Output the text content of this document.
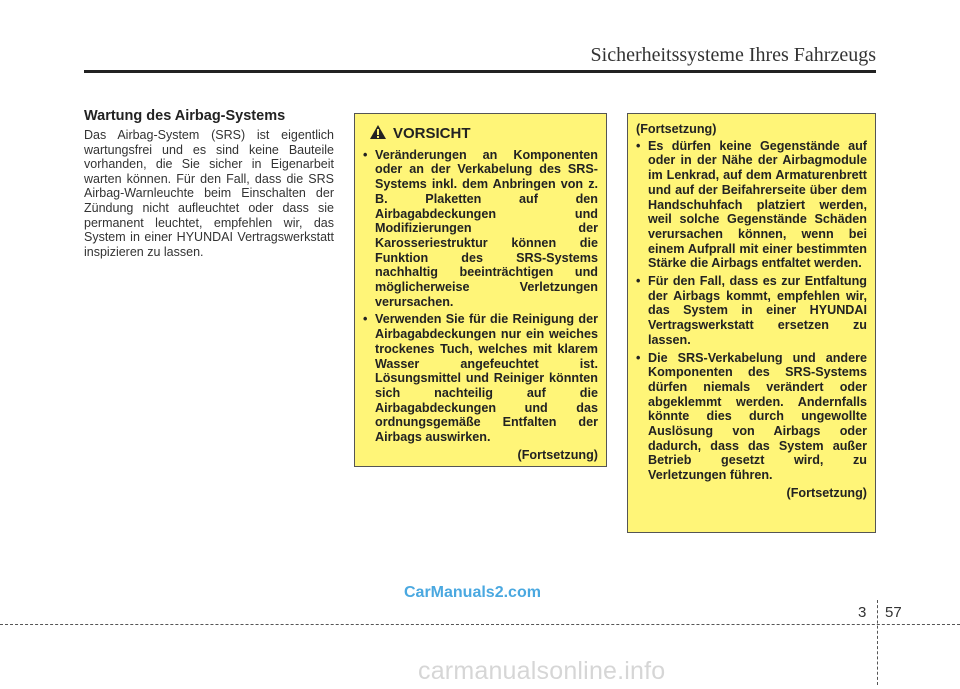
Sicherheitssysteme Ihres Fahrzeugs
Wartung des Airbag-Systems
Das Airbag-System (SRS) ist eigentlich wartungsfrei und es sind keine Bauteile vorhanden, die Sie sicher in Eigenarbeit warten können. Für den Fall, dass die SRS Airbag-Warnleuchte beim Einschalten der Zündung nicht aufleuchtet oder dass sie permanent leuchtet, empfehlen wir, das System in einer HYUNDAI Vertragswerkstatt inspizieren zu lassen.
VORSICHT
• Veränderungen an Komponenten oder an der Verkabelung des SRS-Systems inkl. dem Anbringen von z. B. Plaketten auf den Airbagabdeckungen und Modifizierungen der Karosseriestruktur können die Funktion des SRS-Systems nachhaltig beeinträchtigen und möglicherweise Verletzungen verursachen.
• Verwenden Sie für die Reinigung der Airbagabdeckungen nur ein weiches trockenes Tuch, welches mit klarem Wasser angefeuchtet ist. Lösungsmittel und Reiniger könnten sich nachteilig auf die Airbagabdeckungen und das ordnungsgemäße Entfalten der Airbags auswirken.
(Fortsetzung)
(Fortsetzung)
• Es dürfen keine Gegenstände auf oder in der Nähe der Airbagmodule im Lenkrad, auf dem Armaturenbrett und auf der Beifahrerseite über dem Handschuhfach platziert werden, weil solche Gegenstände Schäden verursachen können, wenn bei einem Aufprall mit einer bestimmten Stärke die Airbags entfaltet werden.
• Für den Fall, dass es zur Entfaltung der Airbags kommt, empfehlen wir, das System in einer HYUNDAI Vertragswerkstatt ersetzen zu lassen.
• Die SRS-Verkabelung und andere Komponenten des SRS-Systems dürfen niemals verändert oder abgeklemmt werden. Andernfalls könnte dies durch ungewollte Auslösung von Airbags oder dadurch, dass das System außer Betrieb gesetzt wird, zu Verletzungen führen.
(Fortsetzung)
CarManuals2.com
3 57
carmanualsonline.info
